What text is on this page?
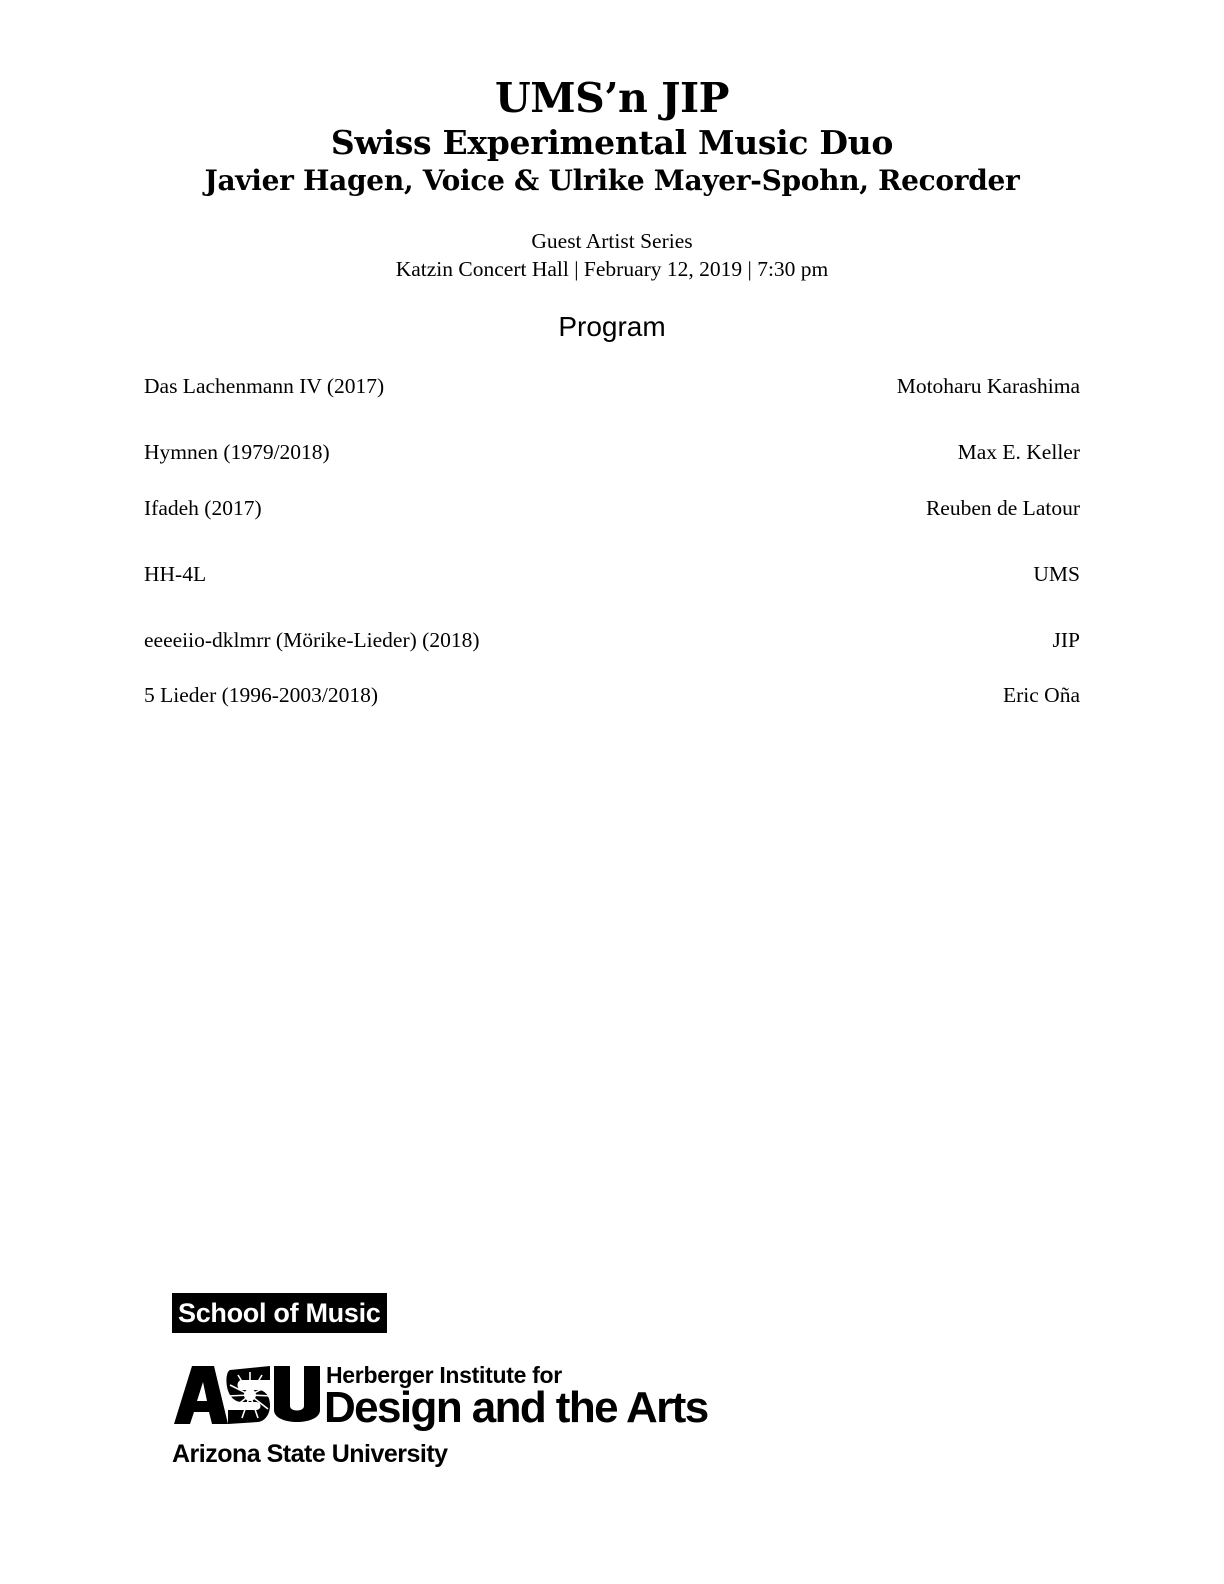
UMS’n JIP
Swiss Experimental Music Duo
Javier Hagen, Voice & Ulrike Mayer-Spohn, Recorder
Guest Artist Series
Katzin Concert Hall | February 12, 2019 | 7:30 pm
Program
Das Lachenmann IV (2017)	Motoharu Karashima
Hymnen (1979/2018)	Max E. Keller
Ifadeh (2017)	Reuben de Latour
HH-4L	UMS
eeeeiio-dklmrr (Mörike-Lieder) (2018)	JIP
5 Lieder (1996-2003/2018)	Eric Oña
School of Music
Herberger Institute for
Design and the Arts
Arizona State University
